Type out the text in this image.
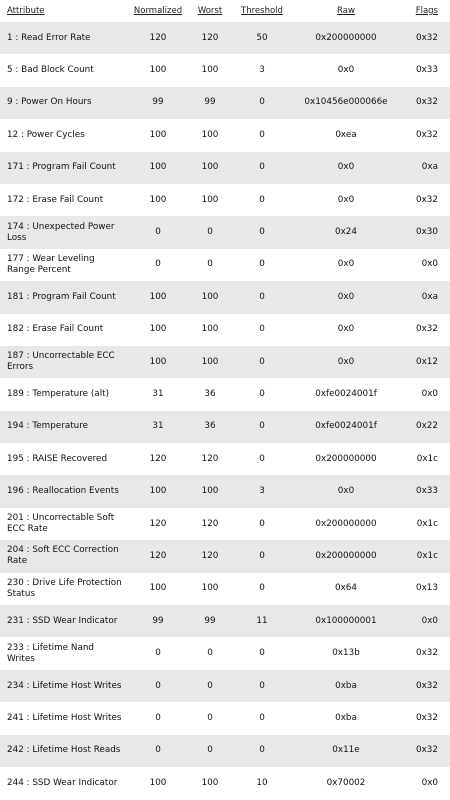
Attribute	Normalized	Worst	Threshold	Raw	Flags
1 : Read Error Rate	120	120	50	0x200000000	0x32
5 : Bad Block Count	100	100	3	0x0	0x33
9 : Power On Hours	99	99	0	0x10456e000066e	0x32
12 : Power Cycles	100	100	0	0xea	0x32
171 : Program Fail Count	100	100	0	0x0	0xa
172 : Erase Fail Count	100	100	0	0x0	0x32
174 : Unexpected Power Loss	0	0	0	0x24	0x30
177 : Wear Leveling Range Percent	0	0	0	0x0	0x0
181 : Program Fail Count	100	100	0	0x0	0xa
182 : Erase Fail Count	100	100	0	0x0	0x32
187 : Uncorrectable ECC Errors	100	100	0	0x0	0x12
189 : Temperature (alt)	31	36	0	0xfe0024001f	0x0
194 : Temperature	31	36	0	0xfe0024001f	0x22
195 : RAISE Recovered	120	120	0	0x200000000	0x1c
196 : Reallocation Events	100	100	3	0x0	0x33
201 : Uncorrectable Soft ECC Rate	120	120	0	0x200000000	0x1c
204 : Soft ECC Correction Rate	120	120	0	0x200000000	0x1c
230 : Drive Life Protection Status	100	100	0	0x64	0x13
231 : SSD Wear Indicator	99	99	11	0x100000001	0x0
233 : Lifetime Nand Writes	0	0	0	0x13b	0x32
234 : Lifetime Host Writes	0	0	0	0xba	0x32
241 : Lifetime Host Writes	0	0	0	0xba	0x32
242 : Lifetime Host Reads	0	0	0	0x11e	0x32
244 : SSD Wear Indicator	100	100	10	0x70002	0x0
